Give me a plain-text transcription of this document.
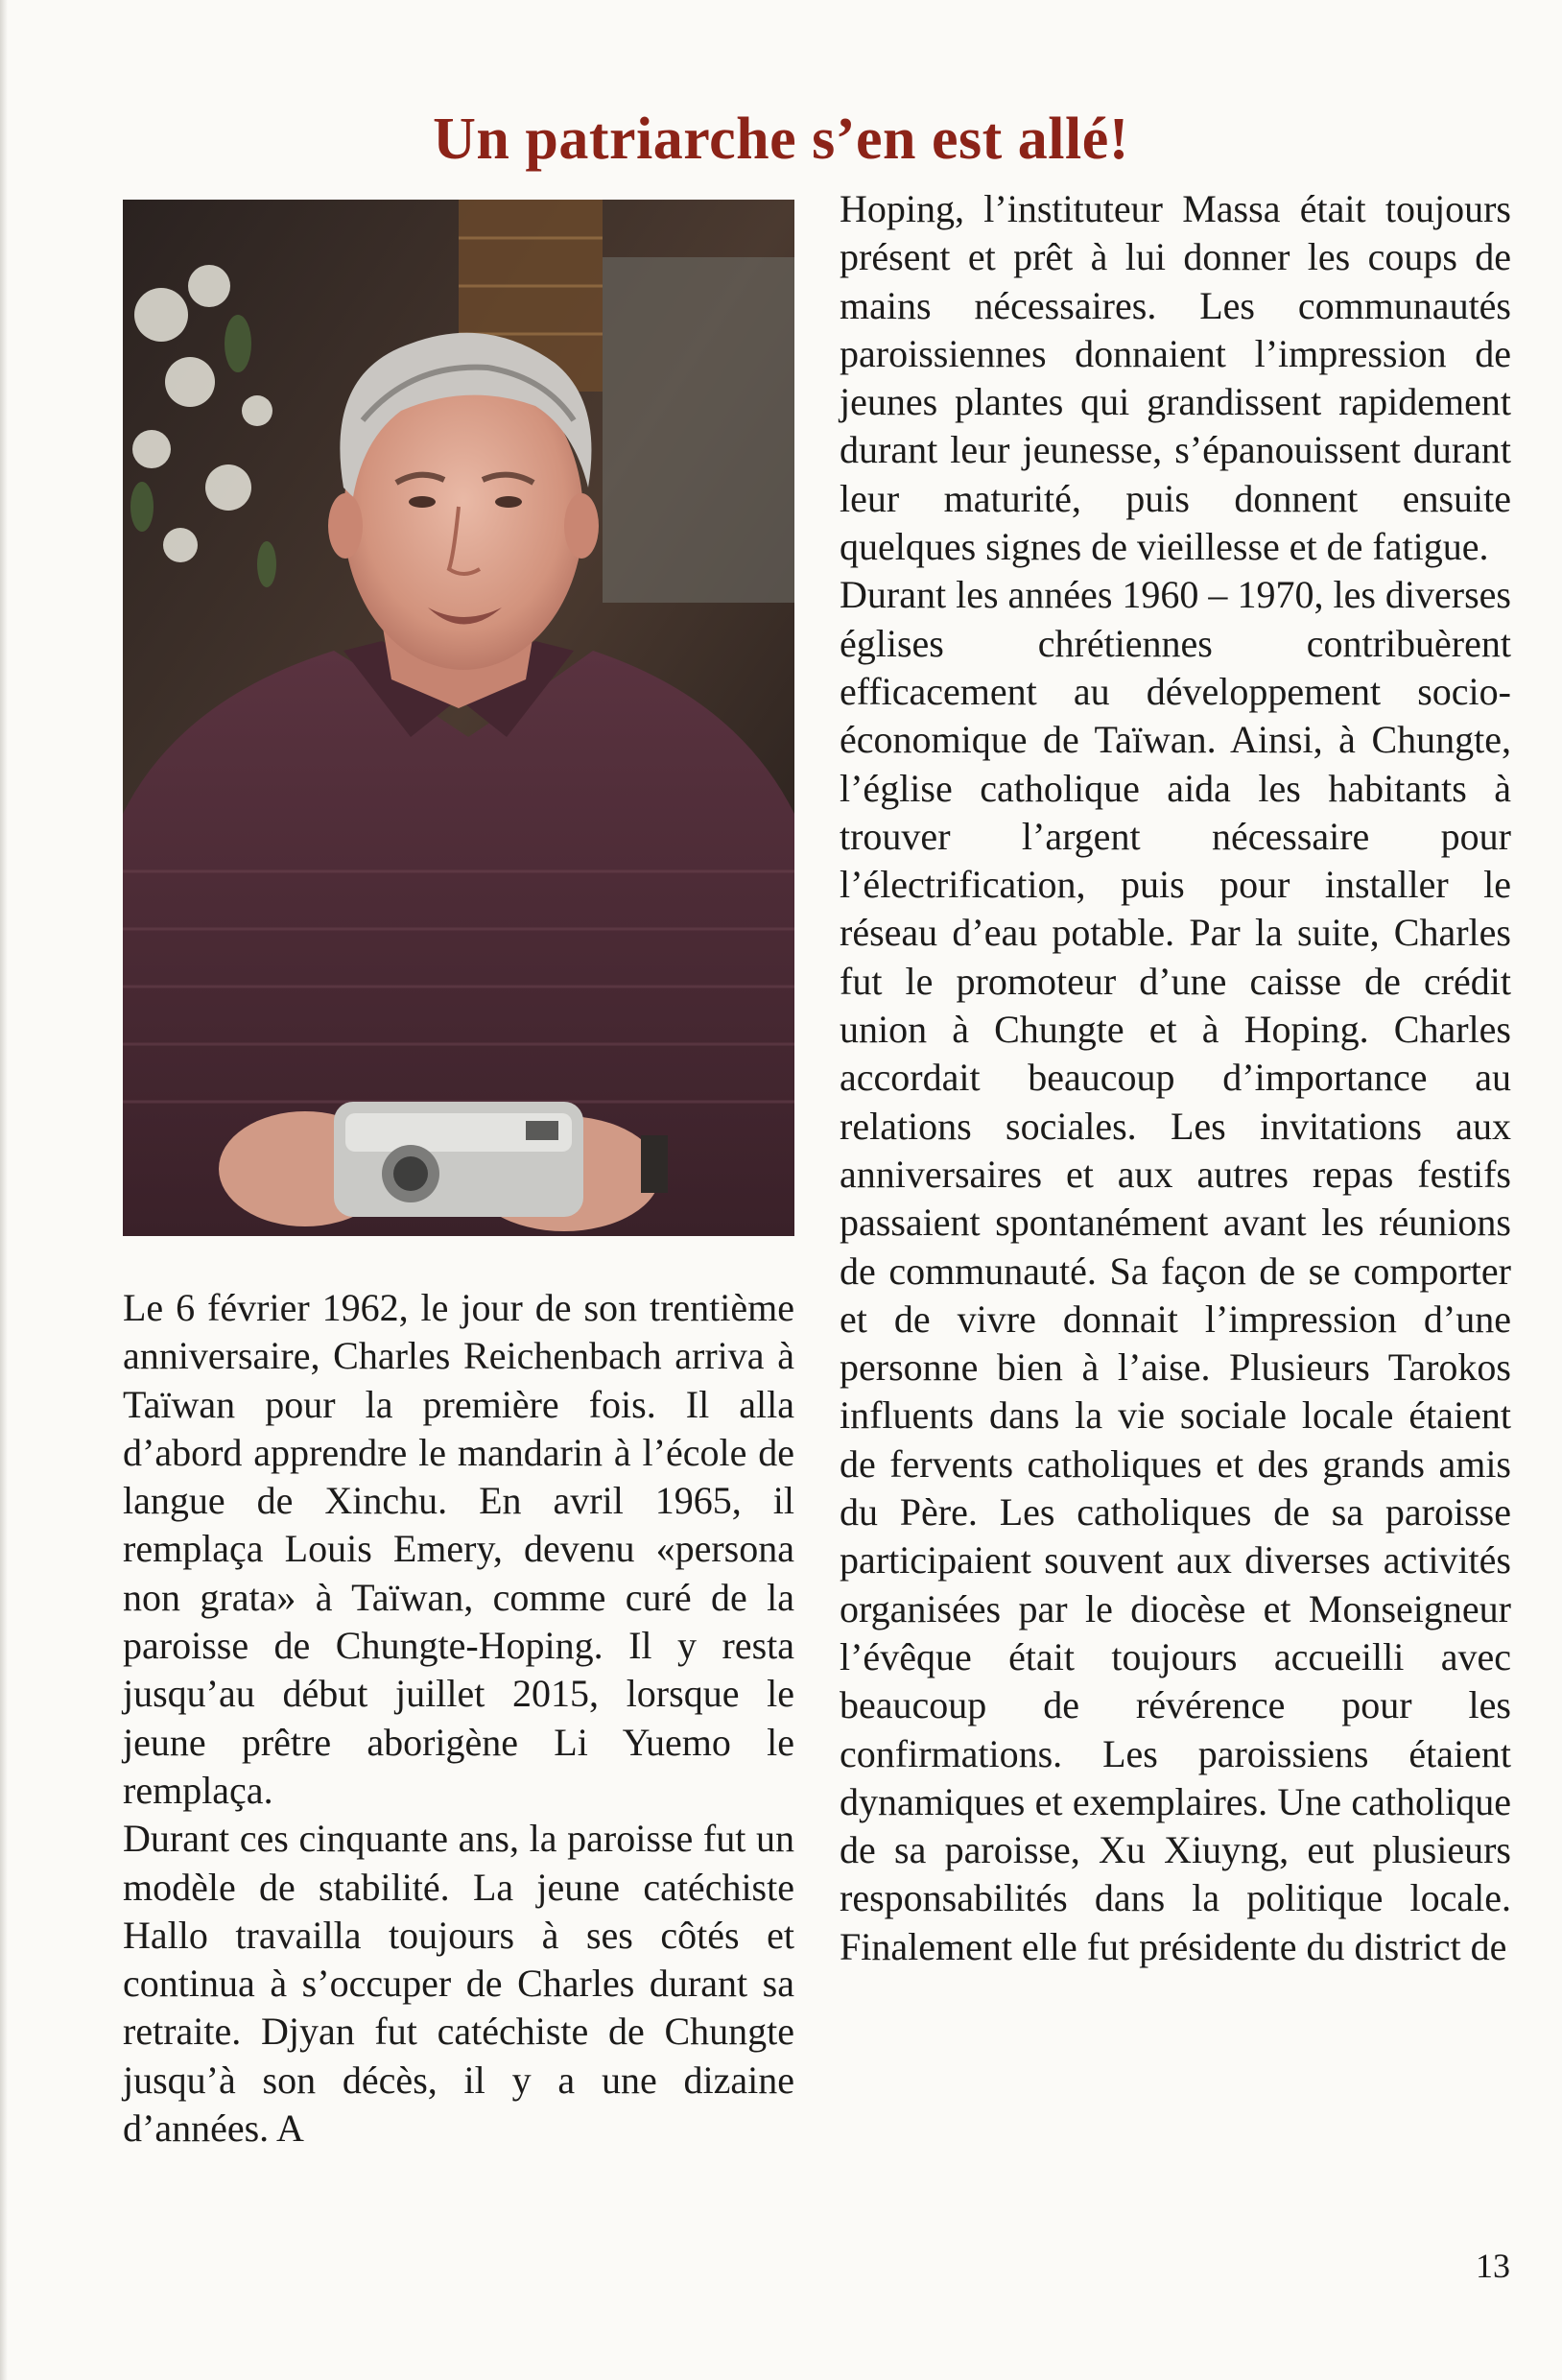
Un patriarche s’en est allé!

Le 6 février 1962, le jour de son trentième anniversaire, Charles Reichenbach arriva à Taïwan pour la première fois. Il alla d’abord apprendre le mandarin à l’école de langue de Xinchu. En avril 1965, il remplaça Louis Emery, devenu «persona non grata» à Taïwan, comme curé de la paroisse de Chungte-Hoping. Il y resta jusqu’au début juillet 2015, lorsque le jeune prêtre aborigène Li Yuemo le remplaça.

Durant ces cinquante ans, la paroisse fut un modèle de stabilité. La jeune catéchiste Hallo travailla toujours à ses côtés et continua à s’occuper de Charles durant sa retraite. Djyan fut catéchiste de Chungte jusqu’à son décès, il y a une dizaine d’années. A

Hoping, l’instituteur Massa était toujours présent et prêt à lui donner les coups de mains nécessaires. Les communautés paroissiennes donnaient l’impression de jeunes plantes qui grandissent rapidement durant leur jeunesse, s’épanouissent durant leur maturité, puis donnent ensuite quelques signes de vieillesse et de fatigue.

Durant les années 1960 – 1970, les diverses églises chrétiennes contribuèrent efficacement au développement socio-économique de Taïwan. Ainsi, à Chungte, l’église catholique aida les habitants à trouver l’argent nécessaire pour l’électrification, puis pour installer le réseau d’eau potable. Par la suite, Charles fut le promoteur d’une caisse de crédit union à Chungte et à Hoping. Charles accordait beaucoup d’importance au relations sociales. Les invitations aux anniversaires et aux autres repas festifs passaient spontanément avant les réunions de communauté. Sa façon de se comporter et de vivre donnait l’impression d’une personne bien à l’aise. Plusieurs Tarokos influents dans la vie sociale locale étaient de fervents catholiques et des grands amis du Père. Les catholiques de sa paroisse participaient souvent aux diverses activités organisées par le diocèse et Monseigneur l’évêque était toujours accueilli avec beaucoup de révérence pour les confirmations. Les paroissiens étaient dynamiques et exemplaires. Une catholique de sa paroisse, Xu Xiuyng, eut plusieurs responsabilités dans la politique locale. Finalement elle fut présidente du district de

13
